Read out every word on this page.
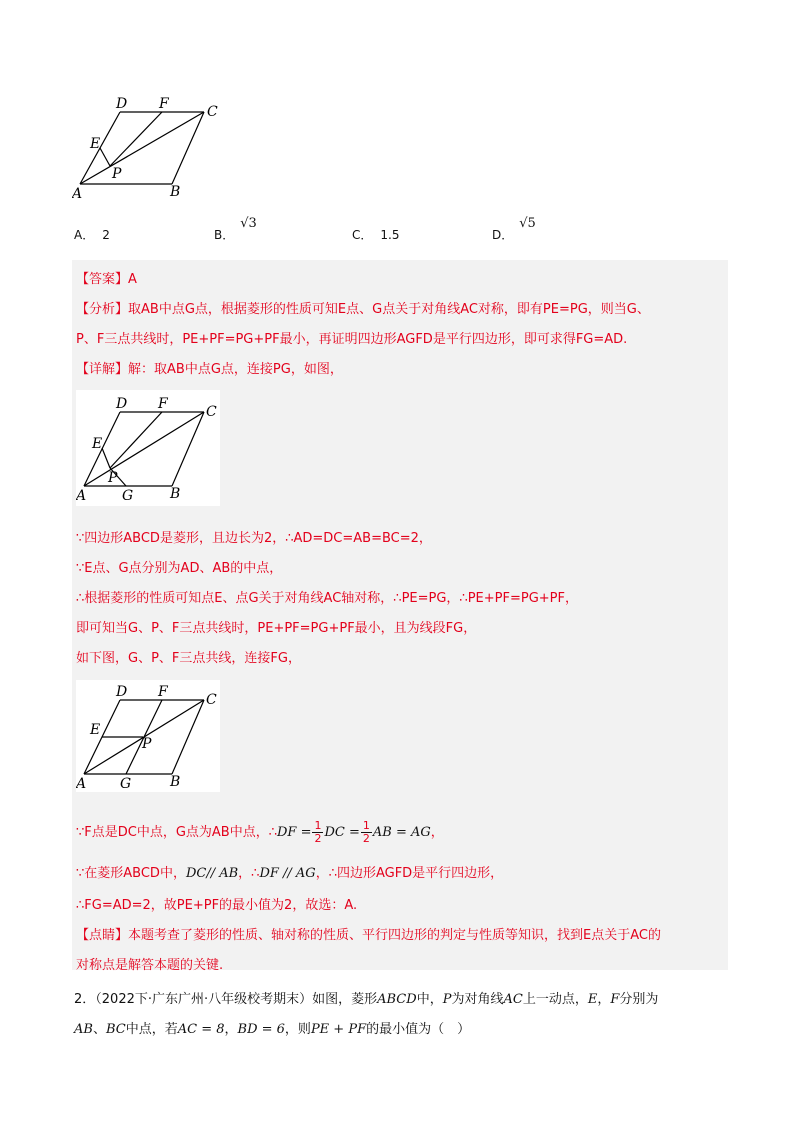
D F	C
E
P
A	B
A． 2	B．√3
C． 1.5	D．√5
【答案】A
【分析】取AB中点G点，根据菱形的性质可知E点、G点关于对角线AC对称，即有PE=PG，则当G、
P、F三点共线时，PE+PF=PG+PF最小，再证明四边形AGFD是平行四边形，即可求得FG=AD.
【详解】解：取AB中点G点，连接PG，如图，
D F	C
E
P
A	G	B
∵四边形ABCD是菱形，且边长为2，∴AD=DC=AB=BC=2，
∵E点、G点分别为AD、AB的中点，
∴根据菱形的性质可知点E、点G关于对角线AC轴对称，∴PE=PG，∴PE+PF=PG+PF，
即可知当G、P、F三点共线时，PE+PF=PG+PF最小，且为线段FG，
如下图，G、P、F三点共线，连接FG，
D F	C
E
P
A G	B
∵F点是DC中点，G点为AB中点，∴DF = $\frac{1}{2}$ DC = $\frac{1}{2}$ AB = AG，
∵在菱形ABCD中，DC// AB，∴DF // AG，∴四边形AGFD是平行四边形，
∴FG=AD=2，故PE+PF的最小值为2，故选：A.
【点睛】本题考查了菱形的性质、轴对称的性质、平行四边形的判定与性质等知识，找到E点关于AC的
对称点是解答本题的关键.
2．（2022下·广东广州·八年级校考期末）如图，菱形ABCD中，P为对角线AC上一动点，E，F分别为
AB、BC中点，若AC = 8，BD = 6，则PE + PF的最小值为（　）
